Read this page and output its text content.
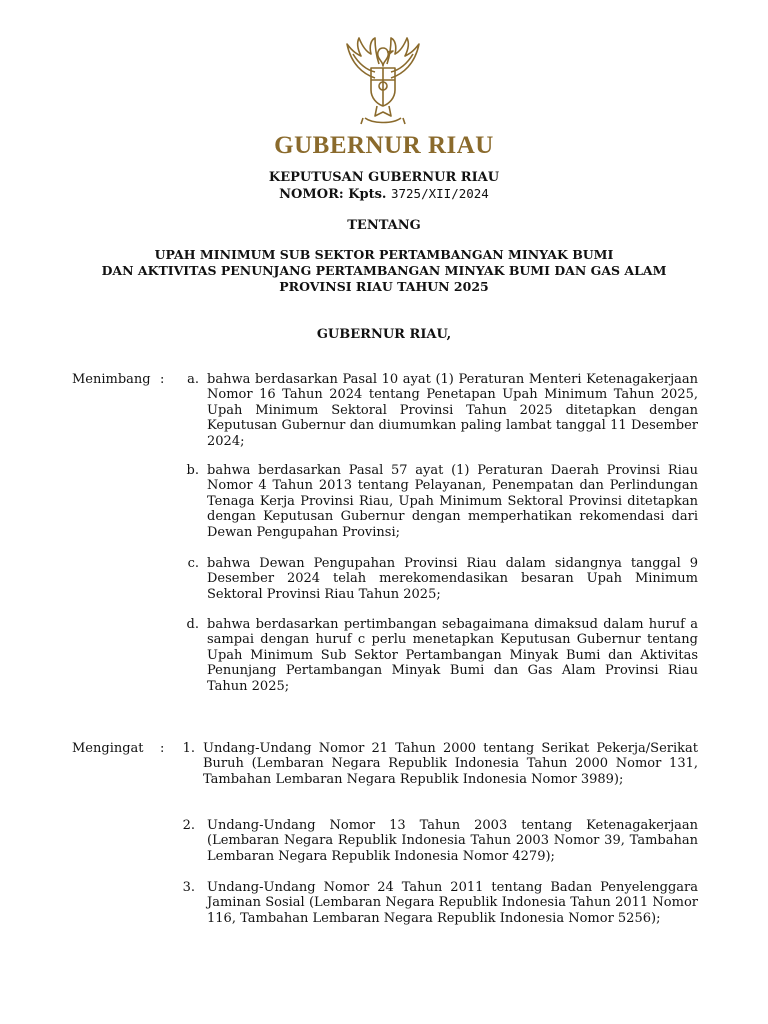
GUBERNUR RIAU
KEPUTUSAN GUBERNUR RIAU
NOMOR: Kpts. 3725/XII/2024
TENTANG
UPAH MINIMUM SUB SEKTOR PERTAMBANGAN MINYAK BUMI
DAN AKTIVITAS PENUNJANG PERTAMBANGAN MINYAK BUMI DAN GAS ALAM
PROVINSI RIAU TAHUN 2025
GUBERNUR RIAU,
Menimbang :	a. bahwa berdasarkan Pasal 10 ayat (1) Peraturan Menteri Ketenagakerjaan Nomor 16 Tahun 2024 tentang Penetapan Upah Minimum Tahun 2025, Upah Minimum Sektoral Provinsi Tahun 2025 ditetapkan dengan Keputusan Gubernur dan diumumkan paling lambat tanggal 11 Desember 2024;
b. bahwa berdasarkan Pasal 57 ayat (1) Peraturan Daerah Provinsi Riau Nomor 4 Tahun 2013 tentang Pelayanan, Penempatan dan Perlindungan Tenaga Kerja Provinsi Riau, Upah Minimum Sektoral Provinsi ditetapkan dengan Keputusan Gubernur dengan memperhatikan rekomendasi dari Dewan Pengupahan Provinsi;
c. bahwa Dewan Pengupahan Provinsi Riau dalam sidangnya tanggal 9 Desember 2024 telah merekomendasikan besaran Upah Minimum Sektoral Provinsi Riau Tahun 2025;
d. bahwa berdasarkan pertimbangan sebagaimana dimaksud dalam huruf a sampai dengan huruf c perlu menetapkan Keputusan Gubernur tentang Upah Minimum Sub Sektor Pertambangan Minyak Bumi dan Aktivitas Penunjang Pertambangan Minyak Bumi dan Gas Alam Provinsi Riau Tahun 2025;
Mengingat :	1. Undang-Undang Nomor 21 Tahun 2000 tentang Serikat Pekerja/Serikat Buruh (Lembaran Negara Republik Indonesia Tahun 2000 Nomor 131, Tambahan Lembaran Negara Republik Indonesia Nomor 3989);
2. Undang-Undang Nomor 13 Tahun 2003 tentang Ketenagakerjaan (Lembaran Negara Republik Indonesia Tahun 2003 Nomor 39, Tambahan Lembaran Negara Republik Indonesia Nomor 4279);
3. Undang-Undang Nomor 24 Tahun 2011 tentang Badan Penyelenggara Jaminan Sosial (Lembaran Negara Republik Indonesia Tahun 2011 Nomor 116, Tambahan Lembaran Negara Republik Indonesia Nomor 5256);
